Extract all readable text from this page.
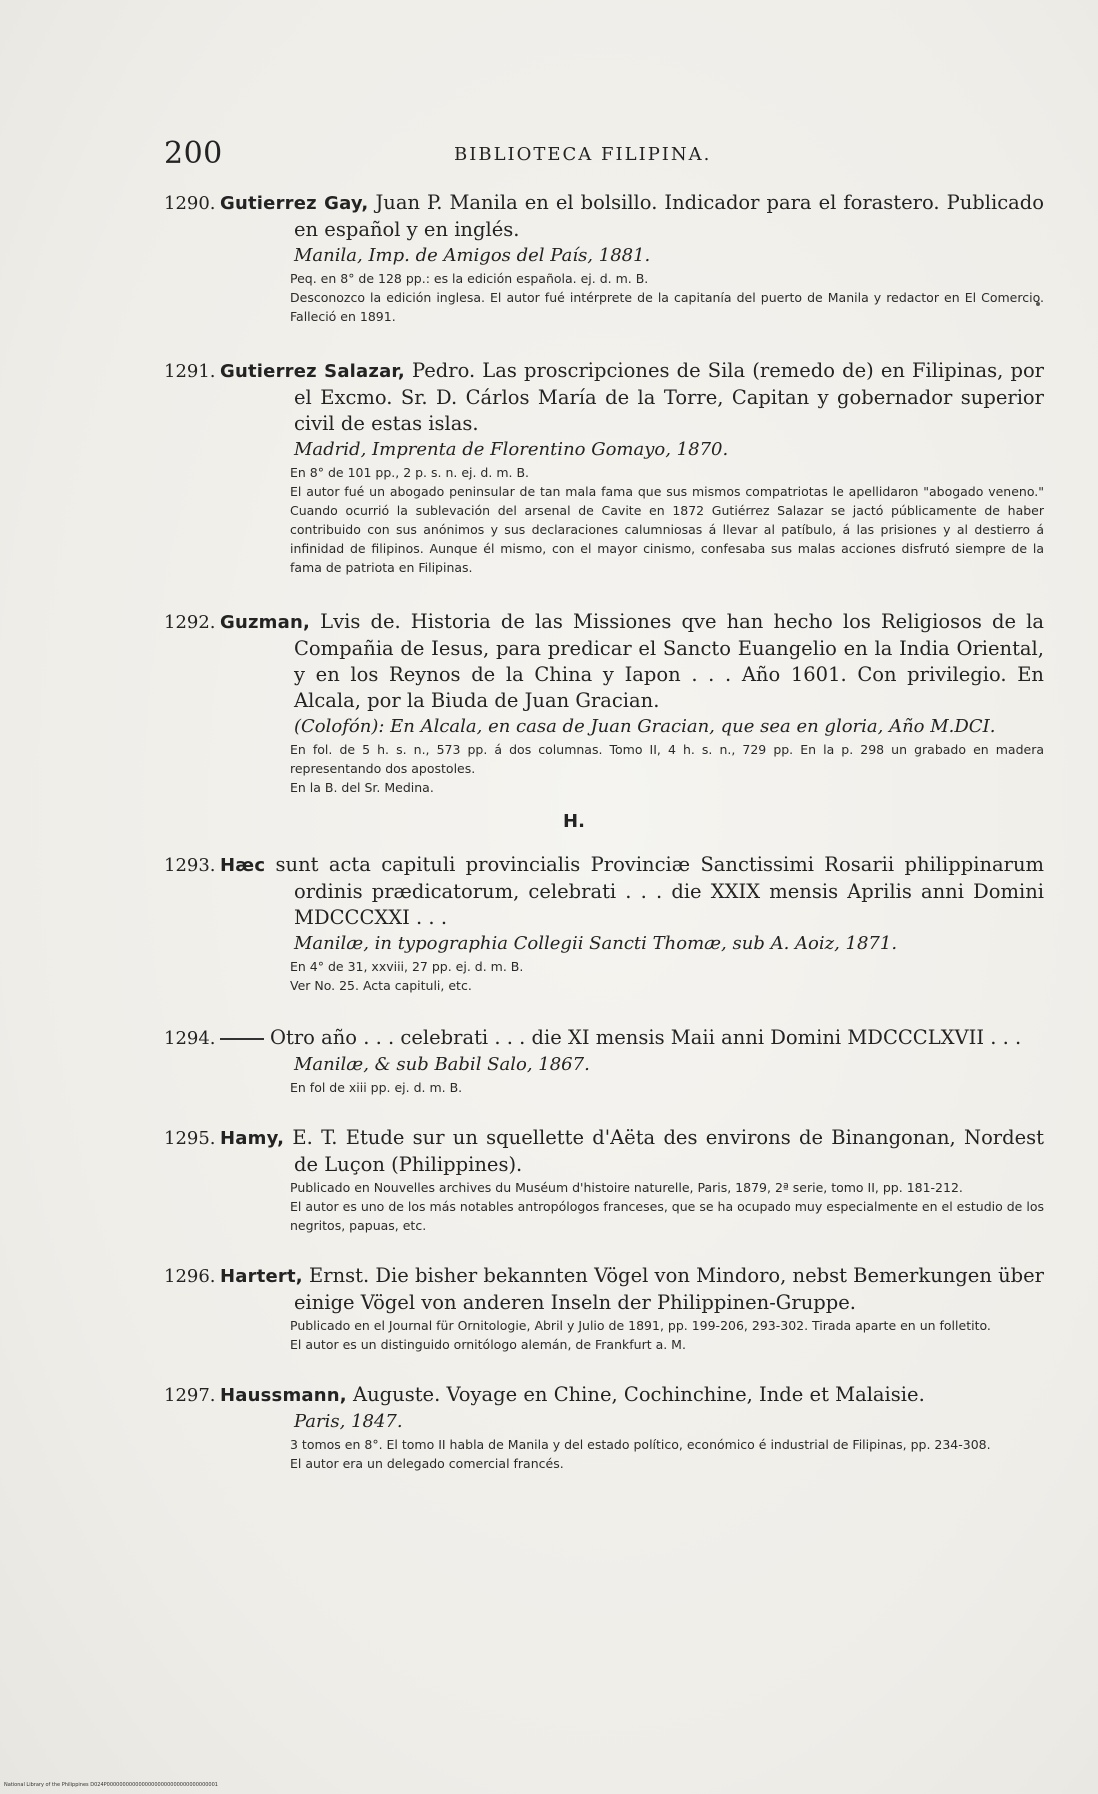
200	BIBLIOTECA FILIPINA.
1290. Gutierrez Gay, Juan P. Manila en el bolsillo. Indicador para el forastero. Publicado en español y en inglés.
Manila, Imp. de Amigos del País, 1881.
Peq. en 8° de 128 pp.: es la edición española. ej. d. m. B.
Desconozco la edición inglesa. El autor fué intérprete de la capitanía del puerto de Manila y redactor en El Comercio. Falleció en 1891.
1291. Gutierrez Salazar, Pedro. Las proscripciones de Sila (remedo de) en Filipinas, por el Excmo. Sr. D. Cárlos María de la Torre, Capitan y gobernador superior civil de estas islas.
Madrid, Imprenta de Florentino Gomayo, 1870.
En 8° de 101 pp., 2 p. s. n. ej. d. m. B.
El autor fué un abogado peninsular de tan mala fama que sus mismos compatriotas le apellidaron "abogado veneno." Cuando ocurrió la sublevación del arsenal de Cavite en 1872 Gutiérrez Salazar se jactó públicamente de haber contribuido con sus anónimos y sus declaraciones calumniosas á llevar al patíbulo, á las prisiones y al destierro á infinidad de filipinos. Aunque él mismo, con el mayor cinismo, confesaba sus malas acciones disfrutó siempre de la fama de patriota en Filipinas.
1292. Guzman, Lvis de. Historia de las Missiones qve han hecho los Religiosos de la Compañia de Iesus, para predicar el Sancto Euangelio en la India Oriental, y en los Reynos de la China y Iapon . . . Año 1601. Con privilegio. En Alcala, por la Biuda de Juan Gracian.
(Colofón): En Alcala, en casa de Juan Gracian, que sea en gloria, Año M.DCI.
En fol. de 5 h. s. n., 573 pp. á dos columnas. Tomo II, 4 h. s. n., 729 pp. En la p. 298 un grabado en madera representando dos apostoles.
En la B. del Sr. Medina.
H.
1293. Hæc sunt acta capituli provincialis Provinciæ Sanctissimi Rosarii philippinarum ordinis prædicatorum, celebrati . . . die XXIX mensis Aprilis anni Domini MDCCCXXI . . .
Manilæ, in typographia Collegii Sancti Thomæ, sub A. Aoiz, 1871.
En 4° de 31, xxviii, 27 pp. ej. d. m. B.
Ver No. 25. Acta capituli, etc.
1294.	Otro año . . . celebrati . . . die XI mensis Maii anni Domini MDCCCLXVII . . .
Manilæ, & sub Babil Salo, 1867.
En fol de xiii pp. ej. d. m. B.
1295. Hamy, E. T. Etude sur un squellette d'Aëta des environs de Binangonan, Nordest de Luçon (Philippines).
Publicado en Nouvelles archives du Muséum d'histoire naturelle, Paris, 1879, 2ª serie, tomo II, pp. 181-212.
El autor es uno de los más notables antropólogos franceses, que se ha ocupado muy especialmente en el estudio de los negritos, papuas, etc.
1296. Hartert, Ernst. Die bisher bekannten Vögel von Mindoro, nebst Bemerkungen über einige Vögel von anderen Inseln der Philippinen-Gruppe.
Publicado en el Journal für Ornitologie, Abril y Julio de 1891, pp. 199-206, 293-302. Tirada aparte en un folletito.
El autor es un distinguido ornitólogo alemán, de Frankfurt a. M.
1297. Haussmann, Auguste. Voyage en Chine, Cochinchine, Inde et Malaisie.
Paris, 1847.
3 tomos en 8°. El tomo II habla de Manila y del estado político, económico é industrial de Filipinas, pp. 234-308.
El autor era un delegado comercial francés.
National Library of the Philippines D024P00000000000000000000000000000000001
